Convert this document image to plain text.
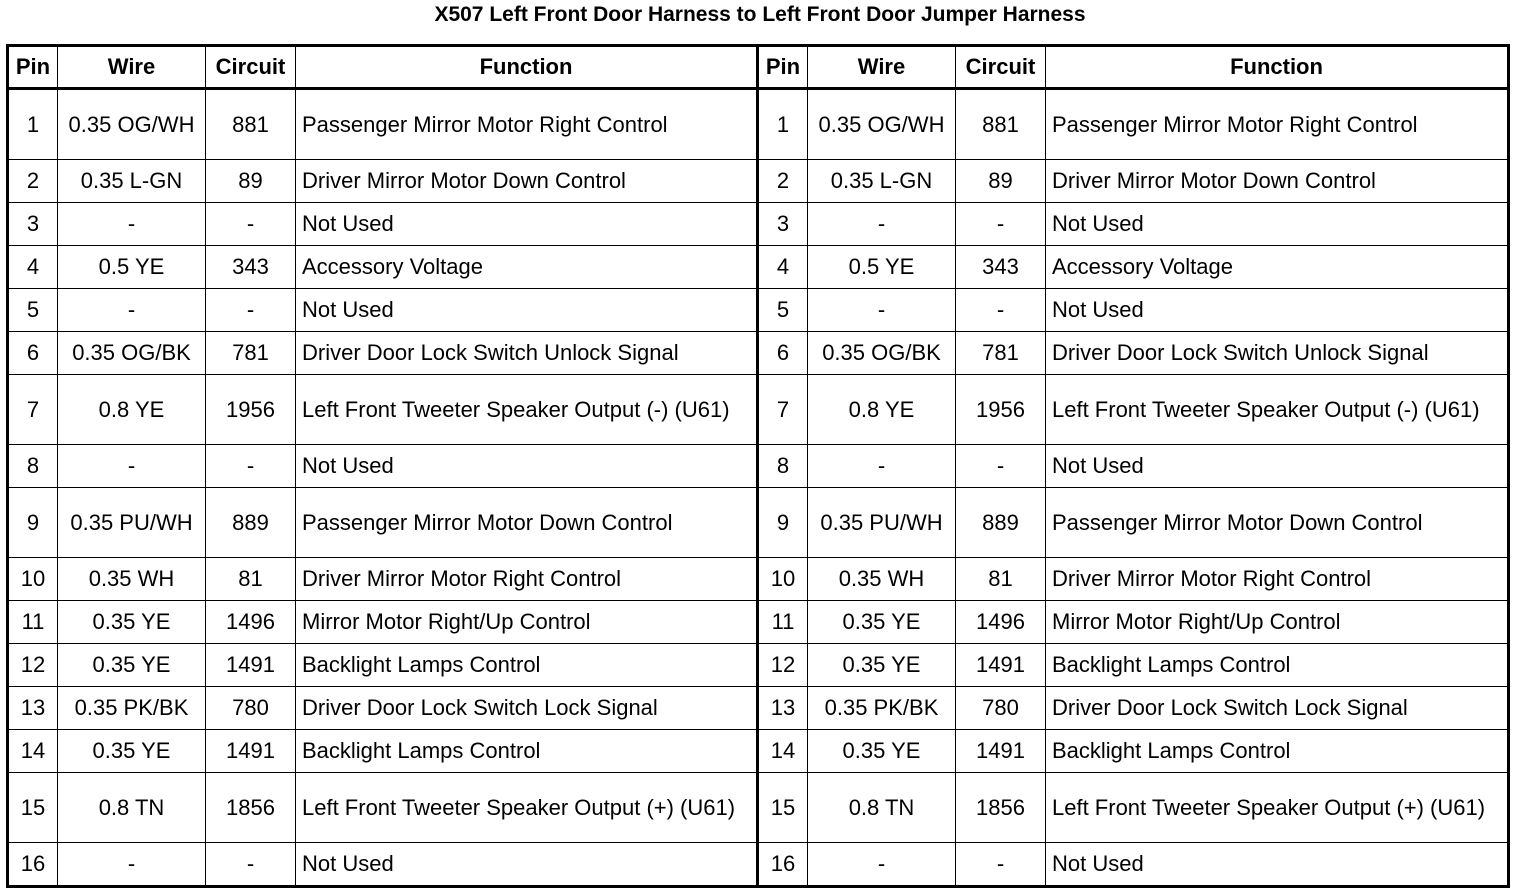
X507 Left Front Door Harness to Left Front Door Jumper Harness
Pin	Wire	Circuit	Function	Pin	Wire	Circuit	Function
1	0.35 OG/WH	881	Passenger Mirror Motor Right Control	1	0.35 OG/WH	881	Passenger Mirror Motor Right Control
2	0.35 L-GN	89	Driver Mirror Motor Down Control	2	0.35 L-GN	89	Driver Mirror Motor Down Control
3	-	-	Not Used	3	-	-	Not Used
4	0.5 YE	343	Accessory Voltage	4	0.5 YE	343	Accessory Voltage
5	-	-	Not Used	5	-	-	Not Used
6	0.35 OG/BK	781	Driver Door Lock Switch Unlock Signal	6	0.35 OG/BK	781	Driver Door Lock Switch Unlock Signal
7	0.8 YE	1956	Left Front Tweeter Speaker Output (-) (U61)	7	0.8 YE	1956	Left Front Tweeter Speaker Output (-) (U61)
8	-	-	Not Used	8	-	-	Not Used
9	0.35 PU/WH	889	Passenger Mirror Motor Down Control	9	0.35 PU/WH	889	Passenger Mirror Motor Down Control
10	0.35 WH	81	Driver Mirror Motor Right Control	10	0.35 WH	81	Driver Mirror Motor Right Control
11	0.35 YE	1496	Mirror Motor Right/Up Control	11	0.35 YE	1496	Mirror Motor Right/Up Control
12	0.35 YE	1491	Backlight Lamps Control	12	0.35 YE	1491	Backlight Lamps Control
13	0.35 PK/BK	780	Driver Door Lock Switch Lock Signal	13	0.35 PK/BK	780	Driver Door Lock Switch Lock Signal
14	0.35 YE	1491	Backlight Lamps Control	14	0.35 YE	1491	Backlight Lamps Control
15	0.8 TN	1856	Left Front Tweeter Speaker Output (+) (U61)	15	0.8 TN	1856	Left Front Tweeter Speaker Output (+) (U61)
16	-	-	Not Used	16	-	-	Not Used
